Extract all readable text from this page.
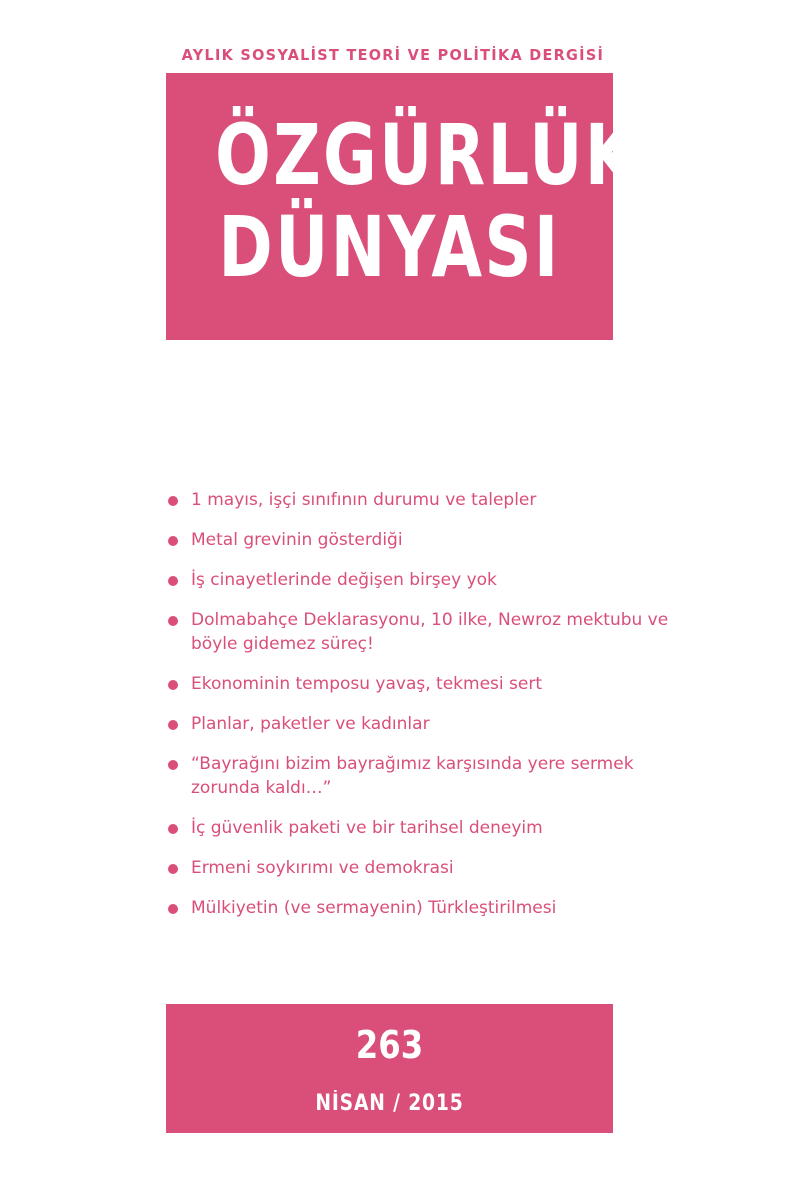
AYLIK SOSYALİST TEORİ VE POLİTİKA DERGİSİ
ÖZGÜRLÜK
DÜNYASI
1 mayıs, işçi sınıfının durumu ve talepler
Metal grevinin gösterdiği
İş cinayetlerinde değişen birşey yok
Dolmabahçe Deklarasyonu, 10 ilke, Newroz mektubu ve böyle gidemez süreç!
Ekonominin temposu yavaş, tekmesi sert
Planlar, paketler ve kadınlar
“Bayrağını bizim bayrağımız karşısında yere sermek zorunda kaldı…”
İç güvenlik paketi ve bir tarihsel deneyim
Ermeni soykırımı ve demokrasi
Mülkiyetin (ve sermayenin) Türkleştirilmesi
263
NİSAN / 2015
